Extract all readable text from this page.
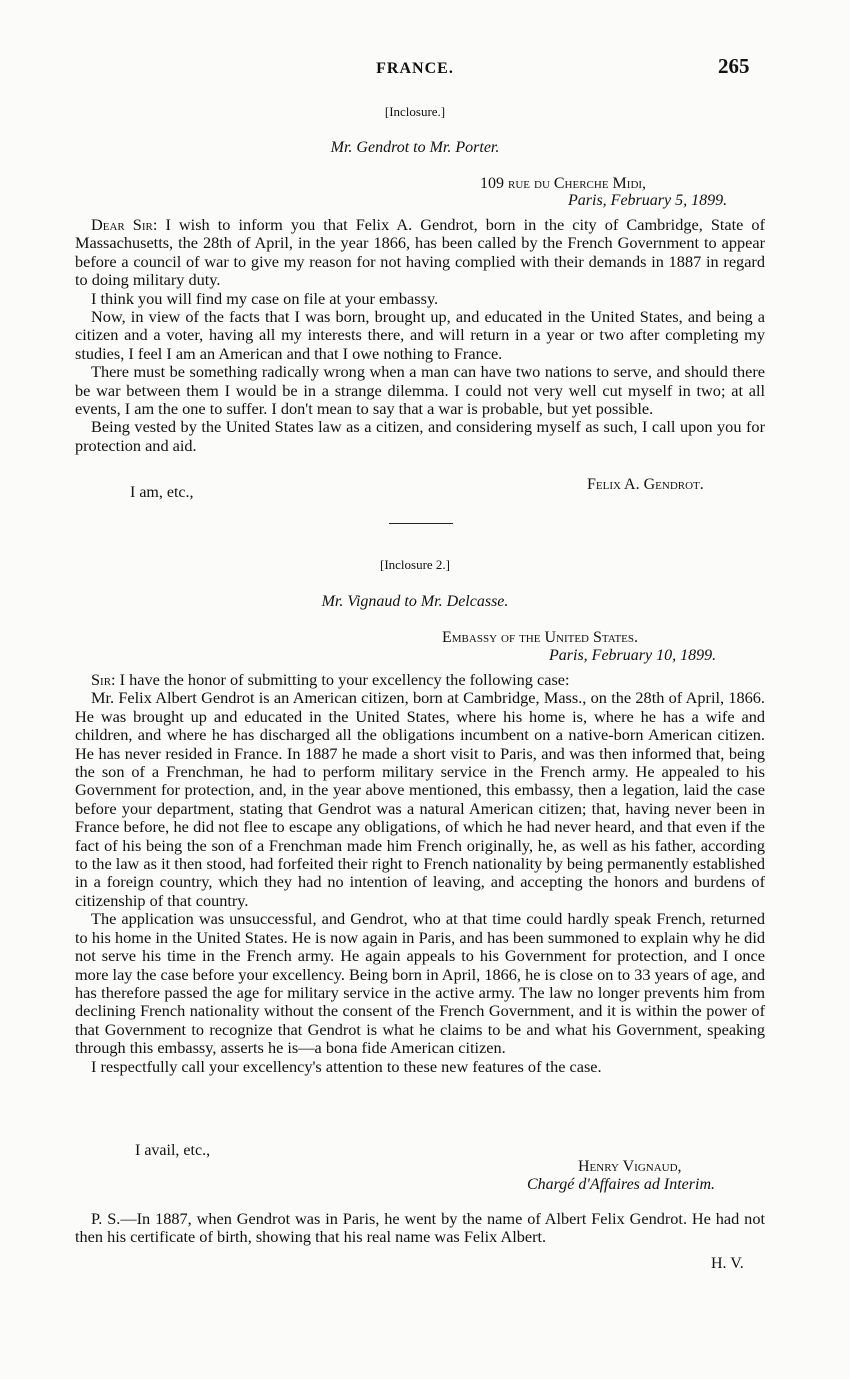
FRANCE.	265
[Inclosure.]
Mr. Gendrot to Mr. Porter.
109 rue du Cherche Midi,
Paris, February 5, 1899.

Dear Sir: I wish to inform you that Felix A. Gendrot, born in the city of Cambridge, State of Massachusetts, the 28th of April, in the year 1866, has been called by the French Government to appear before a council of war to give my reason for not having complied with their demands in 1887 in regard to doing military duty.

I think you will find my case on file at your embassy.

Now, in view of the facts that I was born, brought up, and educated in the United States, and being a citizen and a voter, having all my interests there, and will return in a year or two after completing my studies, I feel I am an American and that I owe nothing to France.

There must be something radically wrong when a man can have two nations to serve, and should there be war between them I would be in a strange dilemma. I could not very well cut myself in two; at all events, I am the one to suffer. I don't mean to say that a war is probable, but yet possible.

Being vested by the United States law as a citizen, and considering myself as such, I call upon you for protection and aid.

I am, etc.,	Felix A. Gendrot.
[Inclosure 2.]
Mr. Vignaud to Mr. Delcasse.
Embassy of the United States.
Paris, February 10, 1899.

Sir: I have the honor of submitting to your excellency the following case:

Mr. Felix Albert Gendrot is an American citizen, born at Cambridge, Mass., on the 28th of April, 1866. He was brought up and educated in the United States, where his home is, where he has a wife and children, and where he has discharged all the obligations incumbent on a native-born American citizen. He has never resided in France. In 1887 he made a short visit to Paris, and was then informed that, being the son of a Frenchman, he had to perform military service in the French army. He appealed to his Government for protection, and, in the year above mentioned, this embassy, then a legation, laid the case before your department, stating that Gendrot was a natural American citizen; that, having never been in France before, he did not flee to escape any obligations, of which he had never heard, and that even if the fact of his being the son of a Frenchman made him French originally, he, as well as his father, according to the law as it then stood, had forfeited their right to French nationality by being permanently established in a foreign country, which they had no intention of leaving, and accepting the honors and burdens of citizenship of that country.

The application was unsuccessful, and Gendrot, who at that time could hardly speak French, returned to his home in the United States. He is now again in Paris, and has been summoned to explain why he did not serve his time in the French army. He again appeals to his Government for protection, and I once more lay the case before your excellency. Being born in April, 1866, he is close on to 33 years of age, and has therefore passed the age for military service in the active army. The law no longer prevents him from declining French nationality without the consent of the French Government, and it is within the power of that Government to recognize that Gendrot is what he claims to be and what his Government, speaking through this embassy, asserts he is—a bona fide American citizen.

I respectfully call your excellency's attention to these new features of the case.

I avail, etc.,
Henry Vignaud,
Chargé d'Affaires ad Interim.

P. S.—In 1887, when Gendrot was in Paris, he went by the name of Albert Felix Gendrot. He had not then his certificate of birth, showing that his real name was Felix Albert.

H. V.
